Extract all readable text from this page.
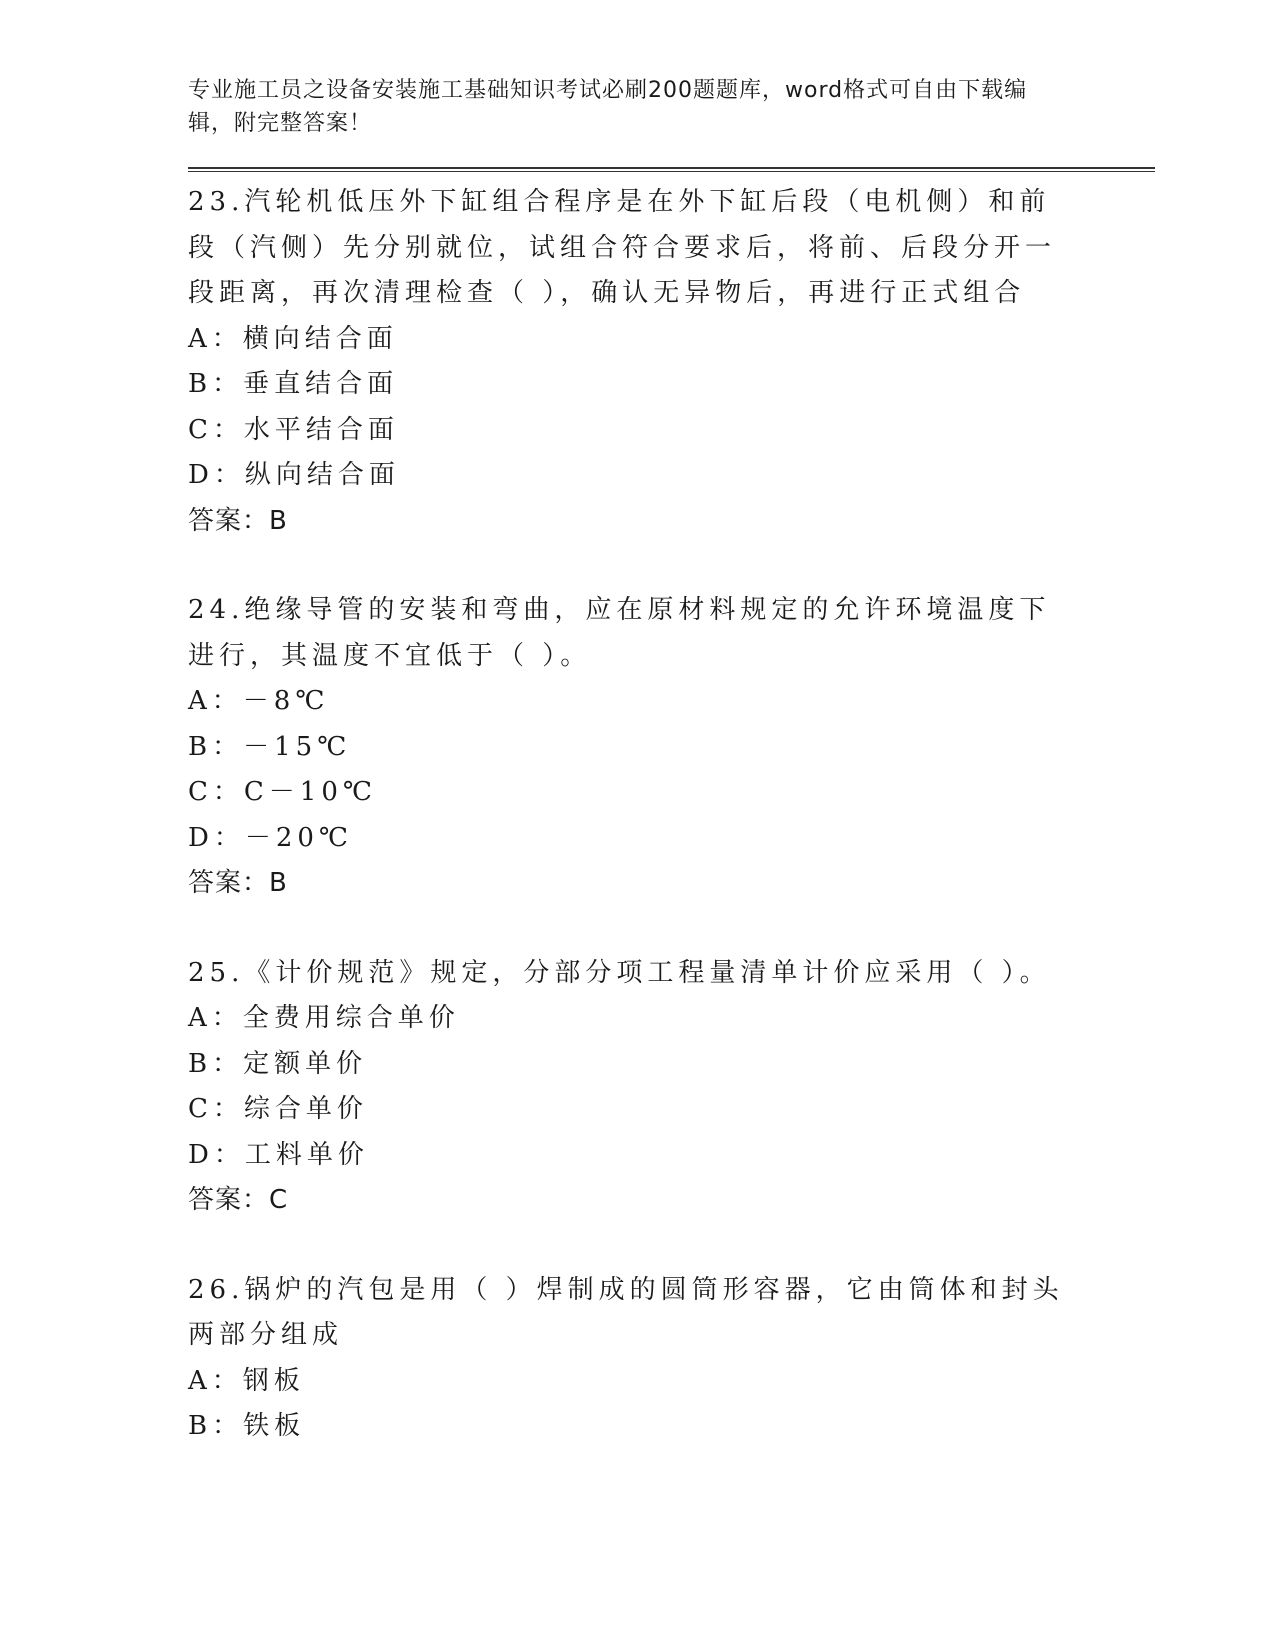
专业施工员之设备安装施工基础知识考试必刷200题题库，word格式可自由下载编辑，附完整答案！
23.汽轮机低压外下缸组合程序是在外下缸后段（电机侧）和前段（汽侧）先分别就位，试组合符合要求后，将前、后段分开一段距离，再次清理检查（ ），确认无异物后，再进行正式组合
A：横向结合面
B：垂直结合面
C：水平结合面
D：纵向结合面
答案：B
24.绝缘导管的安装和弯曲，应在原材料规定的允许环境温度下进行，其温度不宜低于（ ）。
A：－8℃
B：－15℃
C：C－10℃
D：－20℃
答案：B
25.《计价规范》规定，分部分项工程量清单计价应采用（ ）。
A：全费用综合单价
B：定额单价
C：综合单价
D：工料单价
答案：C
26.锅炉的汽包是用（ ）焊制成的圆筒形容器，它由筒体和封头两部分组成
A：钢板
B：铁板
